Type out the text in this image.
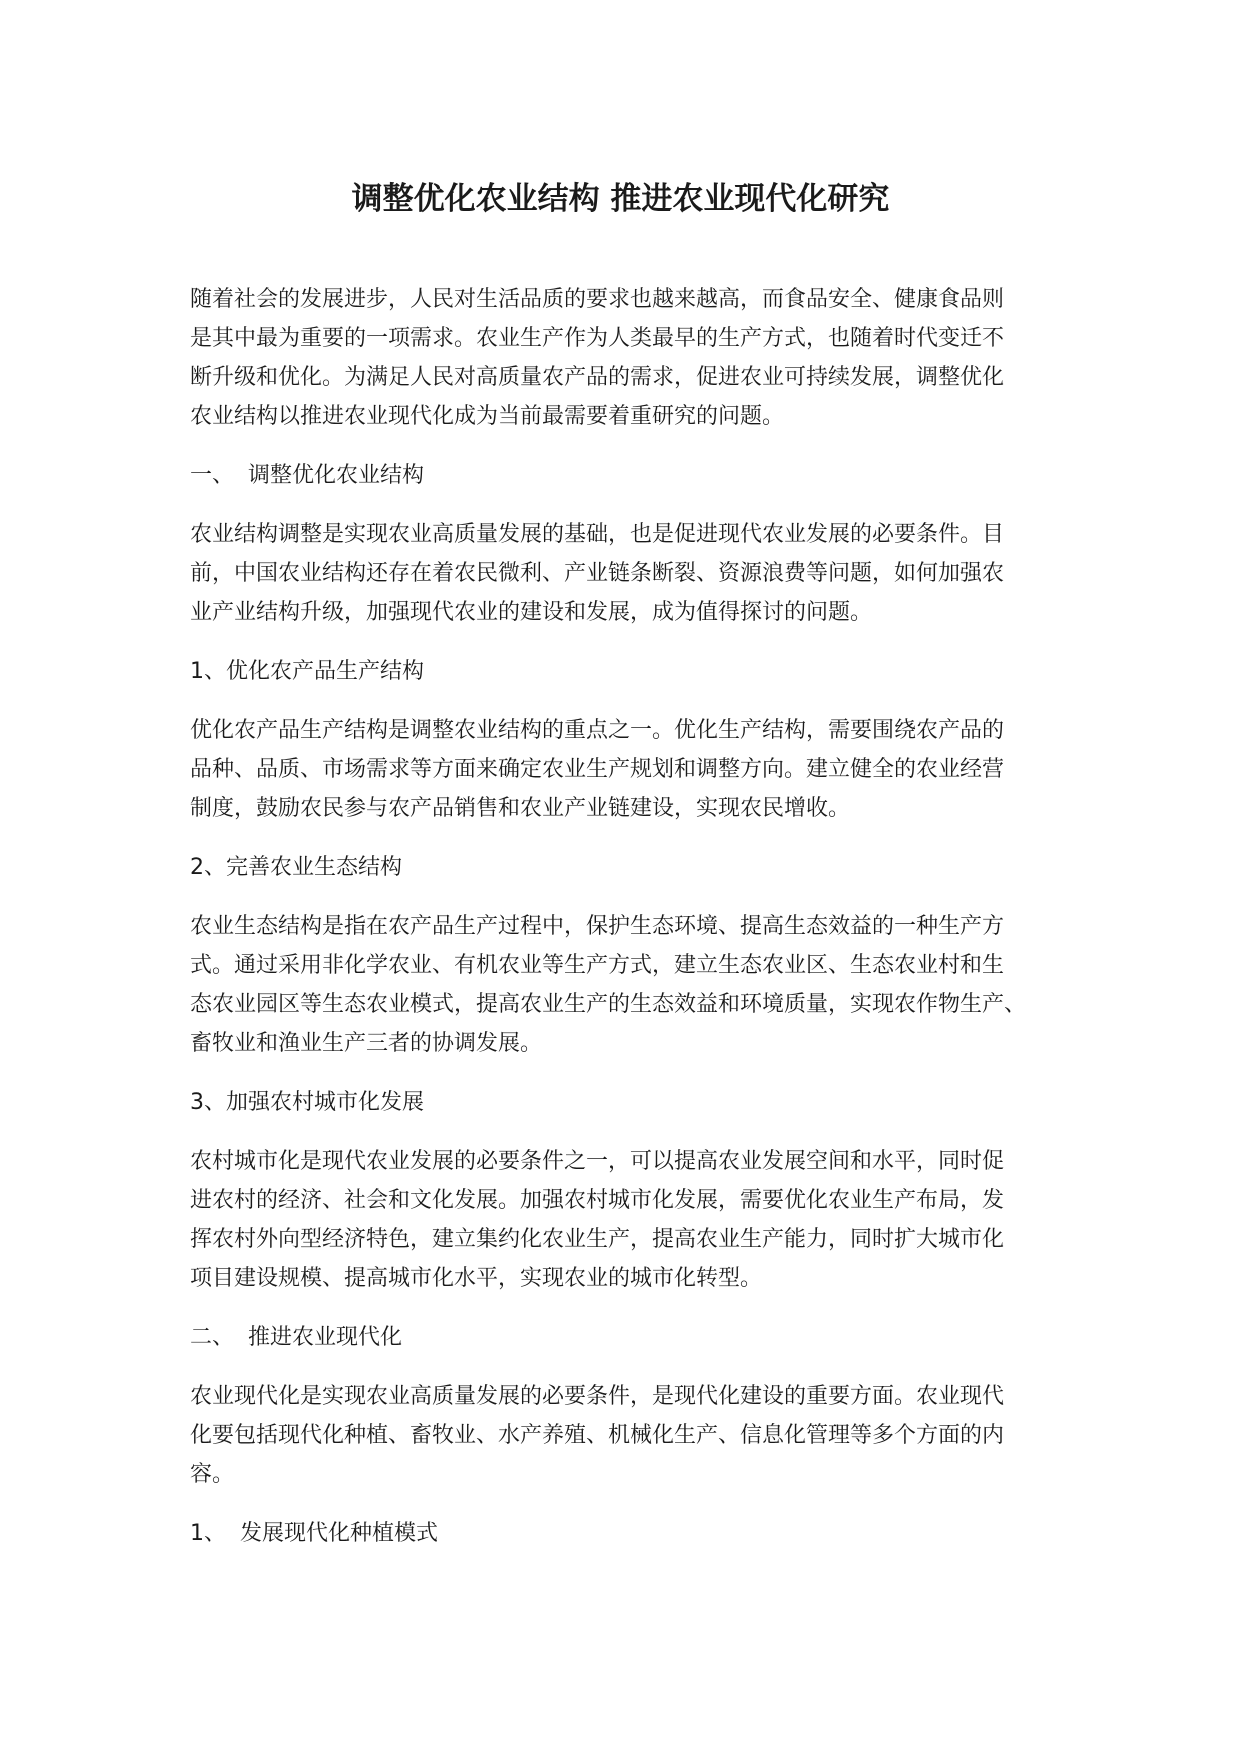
调整优化农业结构 推进农业现代化研究

随着社会的发展进步，人民对生活品质的要求也越来越高，而食品安全、健康食品则
是其中最为重要的一项需求。农业生产作为人类最早的生产方式，也随着时代变迁不
断升级和优化。为满足人民对高质量农产品的需求，促进农业可持续发展，调整优化
农业结构以推进农业现代化成为当前最需要着重研究的问题。

一、  调整优化农业结构

农业结构调整是实现农业高质量发展的基础，也是促进现代农业发展的必要条件。目
前，中国农业结构还存在着农民微利、产业链条断裂、资源浪费等问题，如何加强农
业产业结构升级，加强现代农业的建设和发展，成为值得探讨的问题。

1、优化农产品生产结构

优化农产品生产结构是调整农业结构的重点之一。优化生产结构，需要围绕农产品的
品种、品质、市场需求等方面来确定农业生产规划和调整方向。建立健全的农业经营
制度，鼓励农民参与农产品销售和农业产业链建设，实现农民增收。

2、完善农业生态结构

农业生态结构是指在农产品生产过程中，保护生态环境、提高生态效益的一种生产方
式。通过采用非化学农业、有机农业等生产方式，建立生态农业区、生态农业村和生
态农业园区等生态农业模式，提高农业生产的生态效益和环境质量，实现农作物生产、
畜牧业和渔业生产三者的协调发展。

3、加强农村城市化发展

农村城市化是现代农业发展的必要条件之一，可以提高农业发展空间和水平，同时促
进农村的经济、社会和文化发展。加强农村城市化发展，需要优化农业生产布局，发
挥农村外向型经济特色，建立集约化农业生产，提高农业生产能力，同时扩大城市化
项目建设规模、提高城市化水平，实现农业的城市化转型。

二、  推进农业现代化

农业现代化是实现农业高质量发展的必要条件，是现代化建设的重要方面。农业现代
化要包括现代化种植、畜牧业、水产养殖、机械化生产、信息化管理等多个方面的内
容。

1、  发展现代化种植模式
